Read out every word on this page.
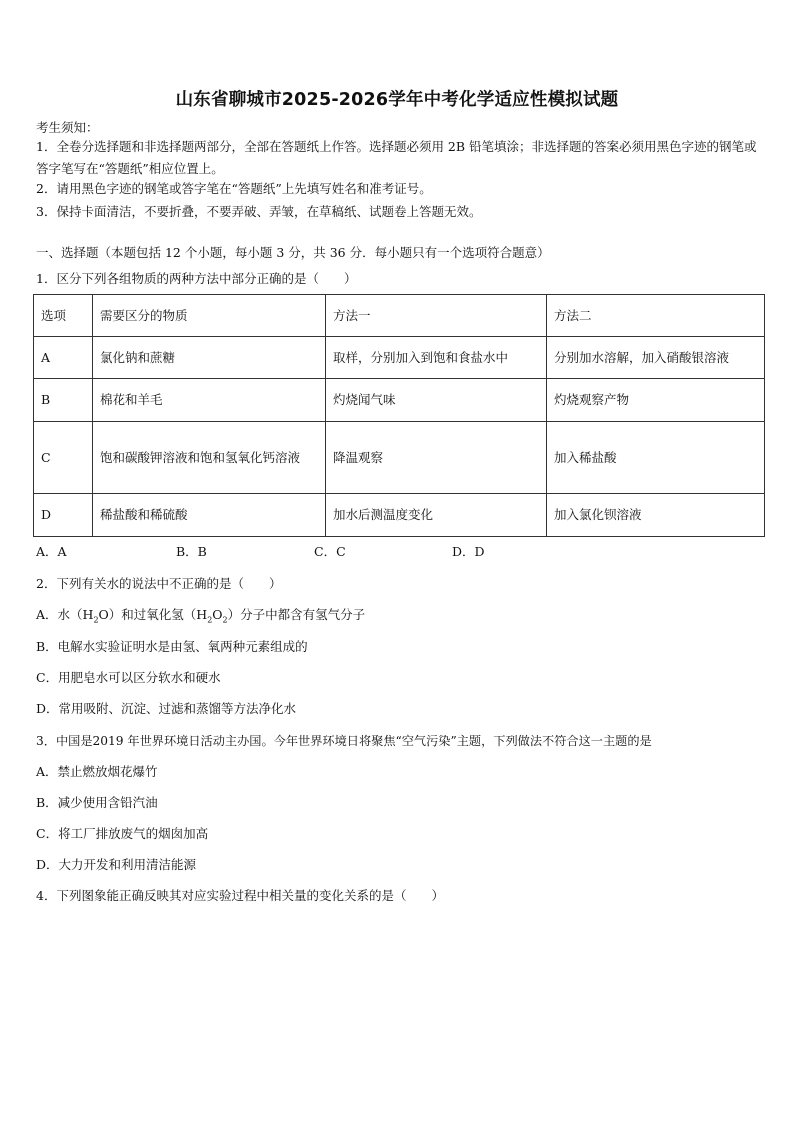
山东省聊城市2025-2026学年中考化学适应性模拟试题
考生须知：
1．全卷分选择题和非选择题两部分，全部在答题纸上作答。选择题必须用 2B 铅笔填涂；非选择题的答案必须用黑色字迹的钢笔或答字笔写在“答题纸”相应位置上。
2．请用黑色字迹的钢笔或答字笔在“答题纸”上先填写姓名和准考证号。
3．保持卡面清洁，不要折叠，不要弄破、弄皱，在草稿纸、试题卷上答题无效。
一、选择题（本题包括 12 个小题，每小题 3 分，共 36 分．每小题只有一个选项符合题意）
1．区分下列各组物质的两种方法中部分正确的是（　　）
选项	需要区分的物质	方法一	方法二
A	氯化钠和蔗糖	取样，分别加入到饱和食盐水中	分别加水溶解，加入硝酸银溶液
B	棉花和羊毛	灼烧闻气味	灼烧观察产物
C	饱和碳酸钾溶液和饱和氢氧化钙溶液	降温观察	加入稀盐酸
D	稀盐酸和稀硫酸	加水后测温度变化	加入氯化钡溶液
A．A	B．B	C．C	D．D
2．下列有关水的说法中不正确的是（　　）
A．水$(H_2O)$和过氧化氢$(H_2O_2)$分子中都含有氢气分子
B．电解水实验证明水是由氢、氧两种元素组成的
C．用肥皂水可以区分软水和硬水
D．常用吸附、沉淀、过滤和蒸馏等方法净化水
3．中国是2019 年世界环境日活动主办国。今年世界环境日将聚焦“空气污染”主题，下列做法不符合这一主题的是
A．禁止燃放烟花爆竹
B．减少使用含铅汽油
C．将工厂排放废气的烟囱加高
D．大力开发和利用清洁能源
4．下列图象能正确反映其对应实验过程中相关量的变化关系的是（　　）
